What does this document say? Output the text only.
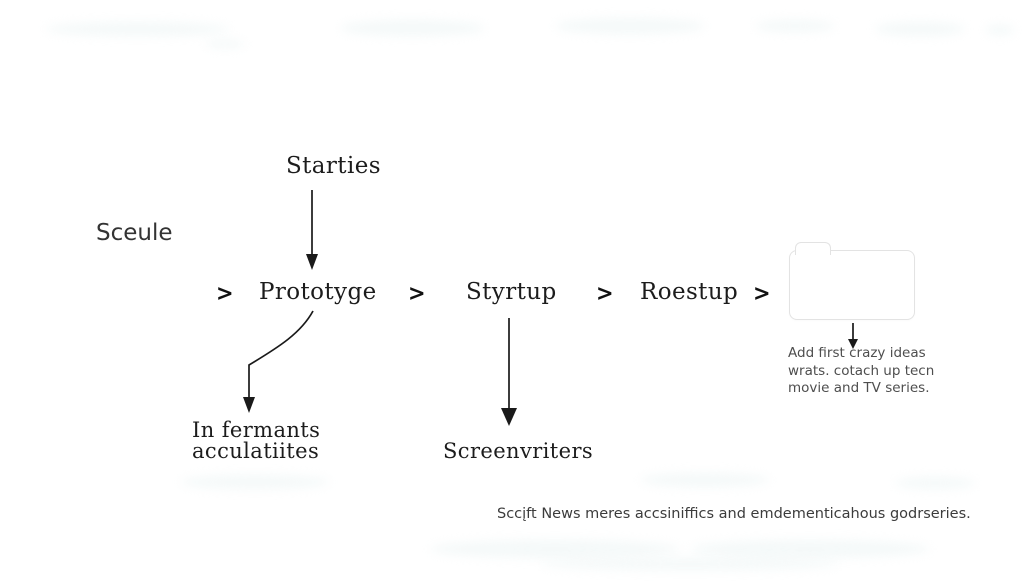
Starties
Sceule
> Prototyge > Styrtup > Roestup >
Add first crazy ideas
wrats. cotach up tecn
movie and TV series.
In fermants
acculatiites	Screenvriters
Sccįft News meres accsiniffics and emdementicahous godrseries.
